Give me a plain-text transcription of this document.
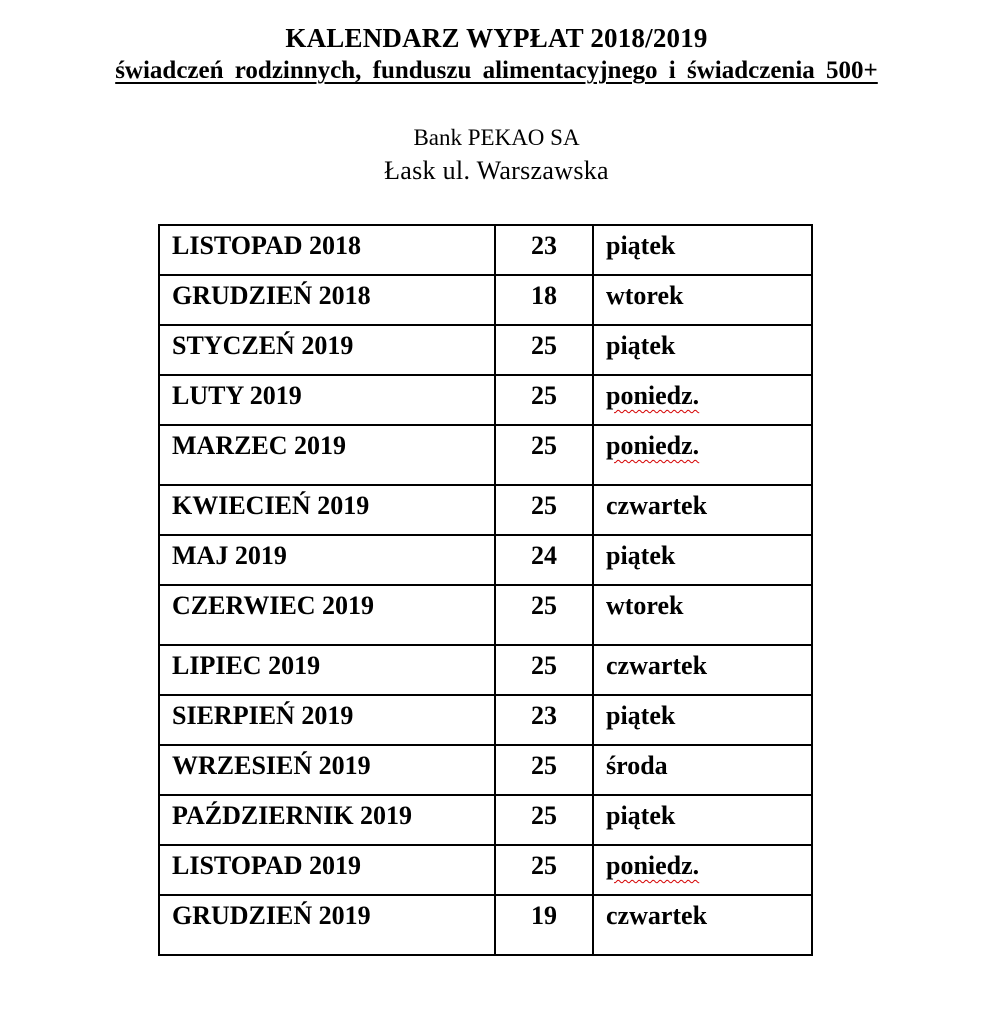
KALENDARZ WYPŁAT 2018/2019
świadczeń rodzinnych, funduszu alimentacyjnego i świadczenia 500+
Bank PEKAO SA
Łask ul. Warszawska
LISTOPAD 2018	23	piątek
GRUDZIEŃ 2018	18	wtorek
STYCZEŃ 2019	25	piątek
LUTY 2019	25	poniedz.
MARZEC 2019	25	poniedz.
KWIECIEŃ 2019	25	czwartek
MAJ 2019	24	piątek
CZERWIEC 2019	25	wtorek
LIPIEC 2019	25	czwartek
SIERPIEŃ 2019	23	piątek
WRZESIEŃ 2019	25	środa
PAŹDZIERNIK 2019	25	piątek
LISTOPAD 2019	25	poniedz.
GRUDZIEŃ 2019	19	czwartek
